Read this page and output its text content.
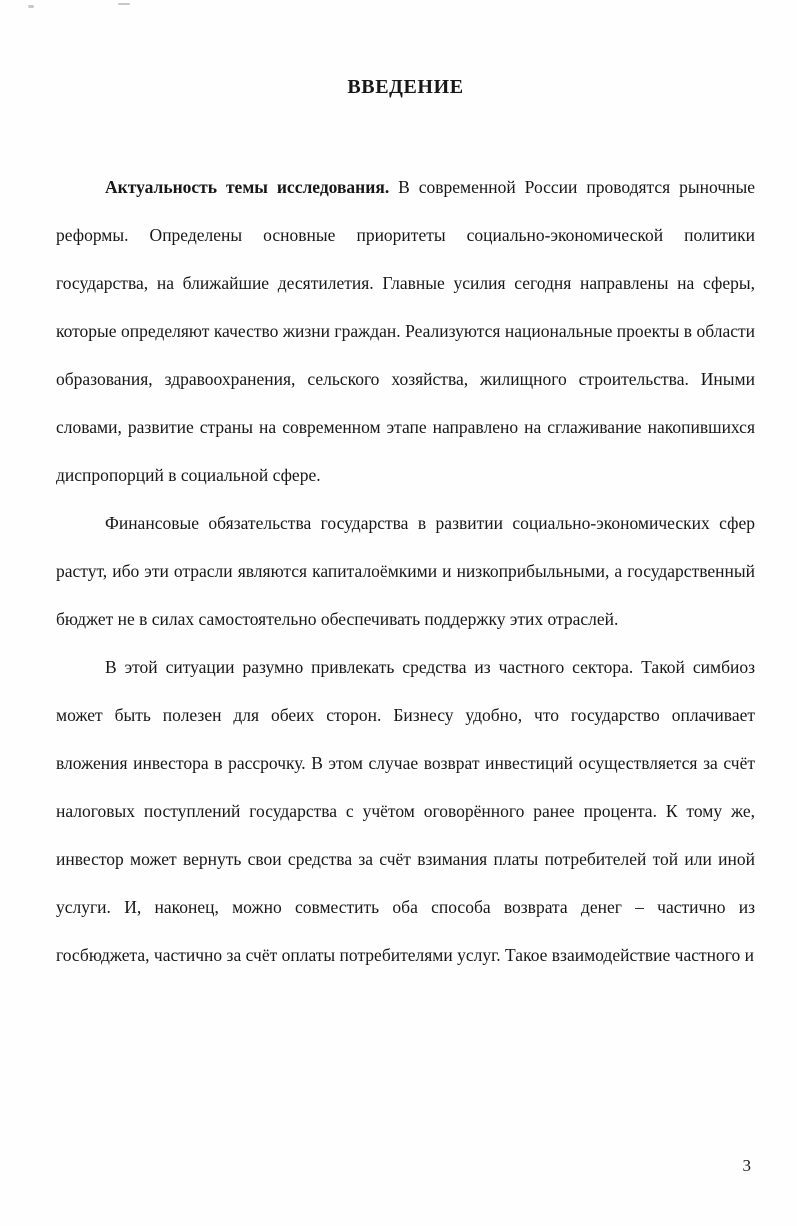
ВВЕДЕНИЕ

Актуальность темы исследования. В современной России проводятся рыночные реформы. Определены основные приоритеты социально-экономической политики государства, на ближайшие десятилетия. Главные усилия сегодня направлены на сферы, которые определяют качество жизни граждан. Реализуются национальные проекты в области образования, здравоохранения, сельского хозяйства, жилищного строительства. Иными словами, развитие страны на современном этапе направлено на сглаживание накопившихся диспропорций в социальной сфере.

Финансовые обязательства государства в развитии социально-экономических сфер растут, ибо эти отрасли являются капиталоёмкими и низкоприбыльными, а государственный бюджет не в силах самостоятельно обеспечивать поддержку этих отраслей.

В этой ситуации разумно привлекать средства из частного сектора. Такой симбиоз может быть полезен для обеих сторон. Бизнесу удобно, что государство оплачивает вложения инвестора в рассрочку. В этом случае возврат инвестиций осуществляется за счёт налоговых поступлений государства с учётом оговорённого ранее процента. К тому же, инвестор может вернуть свои средства за счёт взимания платы потребителей той или иной услуги. И, наконец, можно совместить оба способа возврата денег – частично из госбюджета, частично за счёт оплаты потребителями услуг. Такое взаимодействие частного и

3
